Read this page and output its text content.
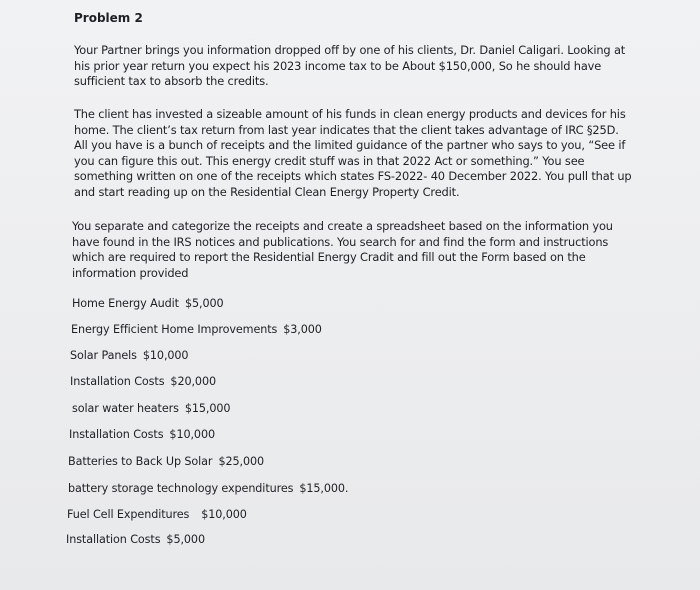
Problem 2

Your Partner brings you information dropped off by one of his clients, Dr. Daniel Caligari. Looking at his prior year return you expect his 2023 income tax to be About $150,000, So he should have sufficient tax to absorb the credits.

The client has invested a sizeable amount of his funds in clean energy products and devices for his home. The client’s tax return from last year indicates that the client takes advantage of IRC §25D. All you have is a bunch of receipts and the limited guidance of the partner who says to you, “See if you can figure this out. This energy credit stuff was in that 2022 Act or something.” You see something written on one of the receipts which states FS-2022- 40 December 2022. You pull that up and start reading up on the Residential Clean Energy Property Credit.

You separate and categorize the receipts and create a spreadsheet based on the information you have found in the IRS notices and publications. You search for and find the form and instructions which are required to report the Residential Energy Cradit and fill out the Form based on the information provided

Home Energy Audit $5,000
Energy Efficient Home Improvements $3,000
Solar Panels $10,000
Installation Costs $20,000
solar water heaters $15,000
Installation Costs $10,000
Batteries to Back Up Solar $25,000
battery storage technology expenditures $15,000.
Fuel Cell Expenditures $10,000
Installation Costs $5,000
